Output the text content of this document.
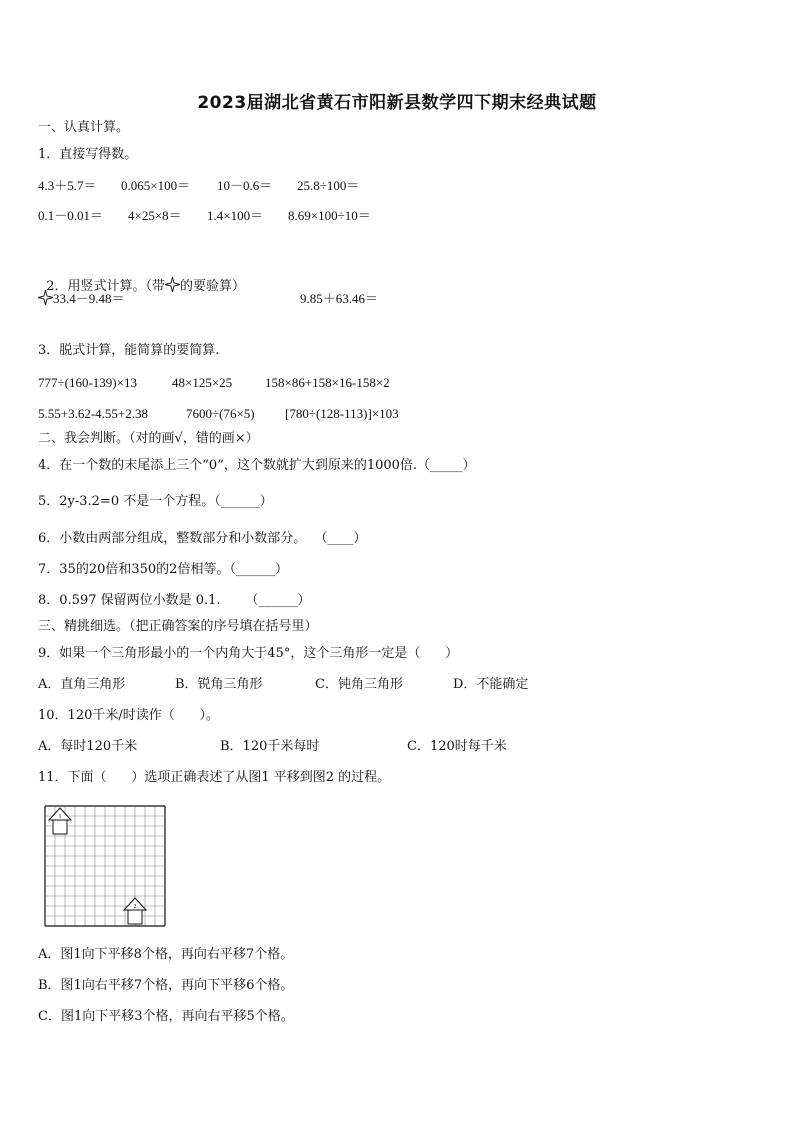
2023届湖北省黄石市阳新县数学四下期末经典试题
一、认真计算。
1．直接写得数。
4.3＋5.7＝ 0.065×100＝ 10－0.6＝ 25.8÷100＝
0.1－0.01＝ 4×25×8＝ 1.4×100＝ 8.69×100÷10＝

2．用竖式计算。（带 的要验算）

33.4－9.48＝	9.85＋63.46＝
3．脱式计算，能简算的要简算.
777÷(160-139)×13	48×125×25	158×86+158×16-158×2
5.55+3.62-4.55+2.38	7600÷(76×5) [780÷(128-113)]×103
二、我会判断。（对的画√，错的画×）
4．在一个数的末尾添上三个“0”，这个数就扩大到原来的1000倍.（_____）
5．2y-3.2=0 不是一个方程。（______）
6．小数由两部分组成，整数部分和小数部分。  （____）
7．35的20倍和350的2倍相等。（______）
8．0.597 保留两位小数是 0.1.      （______）
三、精挑细选。（把正确答案的序号填在括号里）
9．如果一个三角形最小的一个内角大于45°，这个三角形一定是（      ）
A．直角三角形	B．锐角三角形	C．钝角三角形	D．不能确定
10．120千米/时读作（      ）。
A．每时120千米	B．120千米每时	C．120时每千米
11．下面（      ）选项正确表述了从图1 平移到图2 的过程。
1
2
A．图1向下平移8个格，再向右平移7个格。
B．图1向右平移7个格，再向下平移6个格。
C．图1向下平移3个格，再向右平移5个格。
